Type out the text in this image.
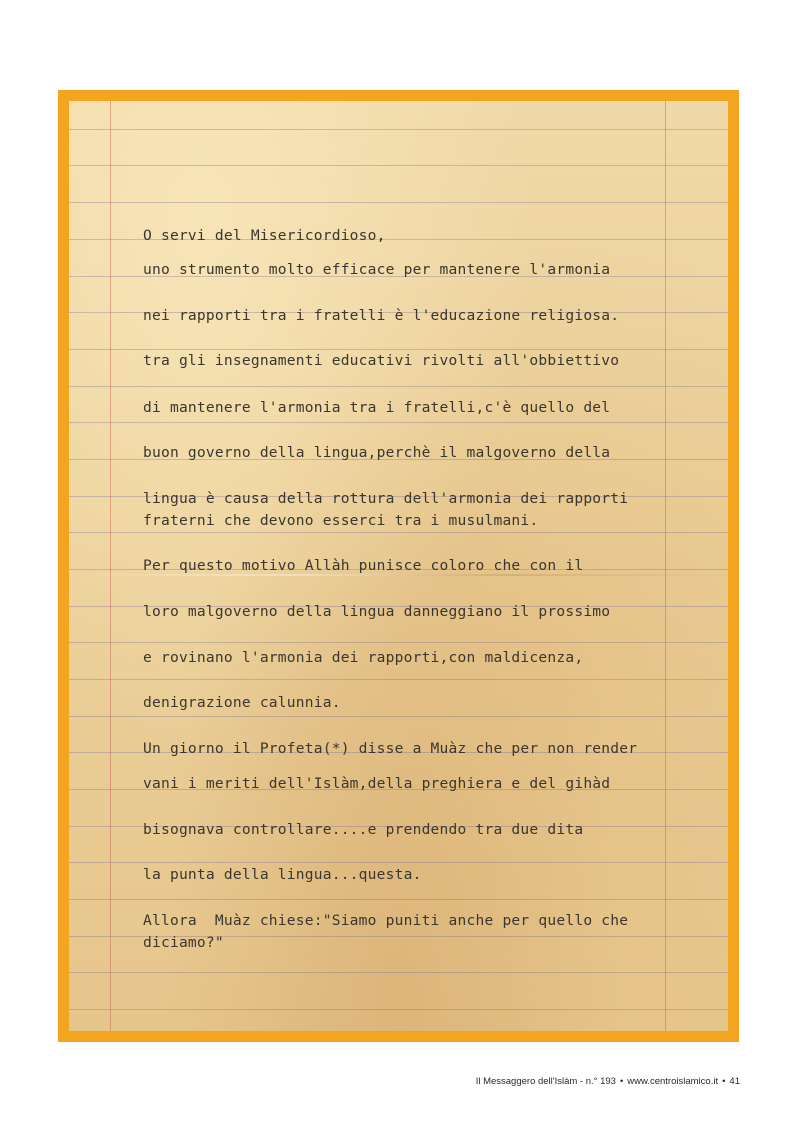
O servi del Misericordioso,
uno strumento molto efficace per mantenere l'armonia
nei rapporti tra i fratelli è l'educazione religiosa.
tra gli insegnamenti educativi rivolti all'obbiettivo
di mantenere l'armonia tra i fratelli,c'è quello del
buon governo della lingua,perchè il malgoverno della
lingua è causa della rottura dell'armonia dei rapporti
fraterni che devono esserci tra i musulmani.
Per questo motivo Allàh punisce coloro che con il
loro malgoverno della lingua danneggiano il prossimo
e rovinano l'armonia dei rapporti,con maldicenza,
denigrazione calunnia.
Un giorno il Profeta(*) disse a Muàz che per non render
vani i meriti dell'Islàm,della preghiera e del gihàd
bisognava controllare....e prendendo tra due dita
la punta della lingua...questa.
Allora  Muàz chiese:"Siamo puniti anche per quello che
diciamo?"
Il Messaggero dell'Islàm - n.° 193 • www.centroislamico.it • 41
